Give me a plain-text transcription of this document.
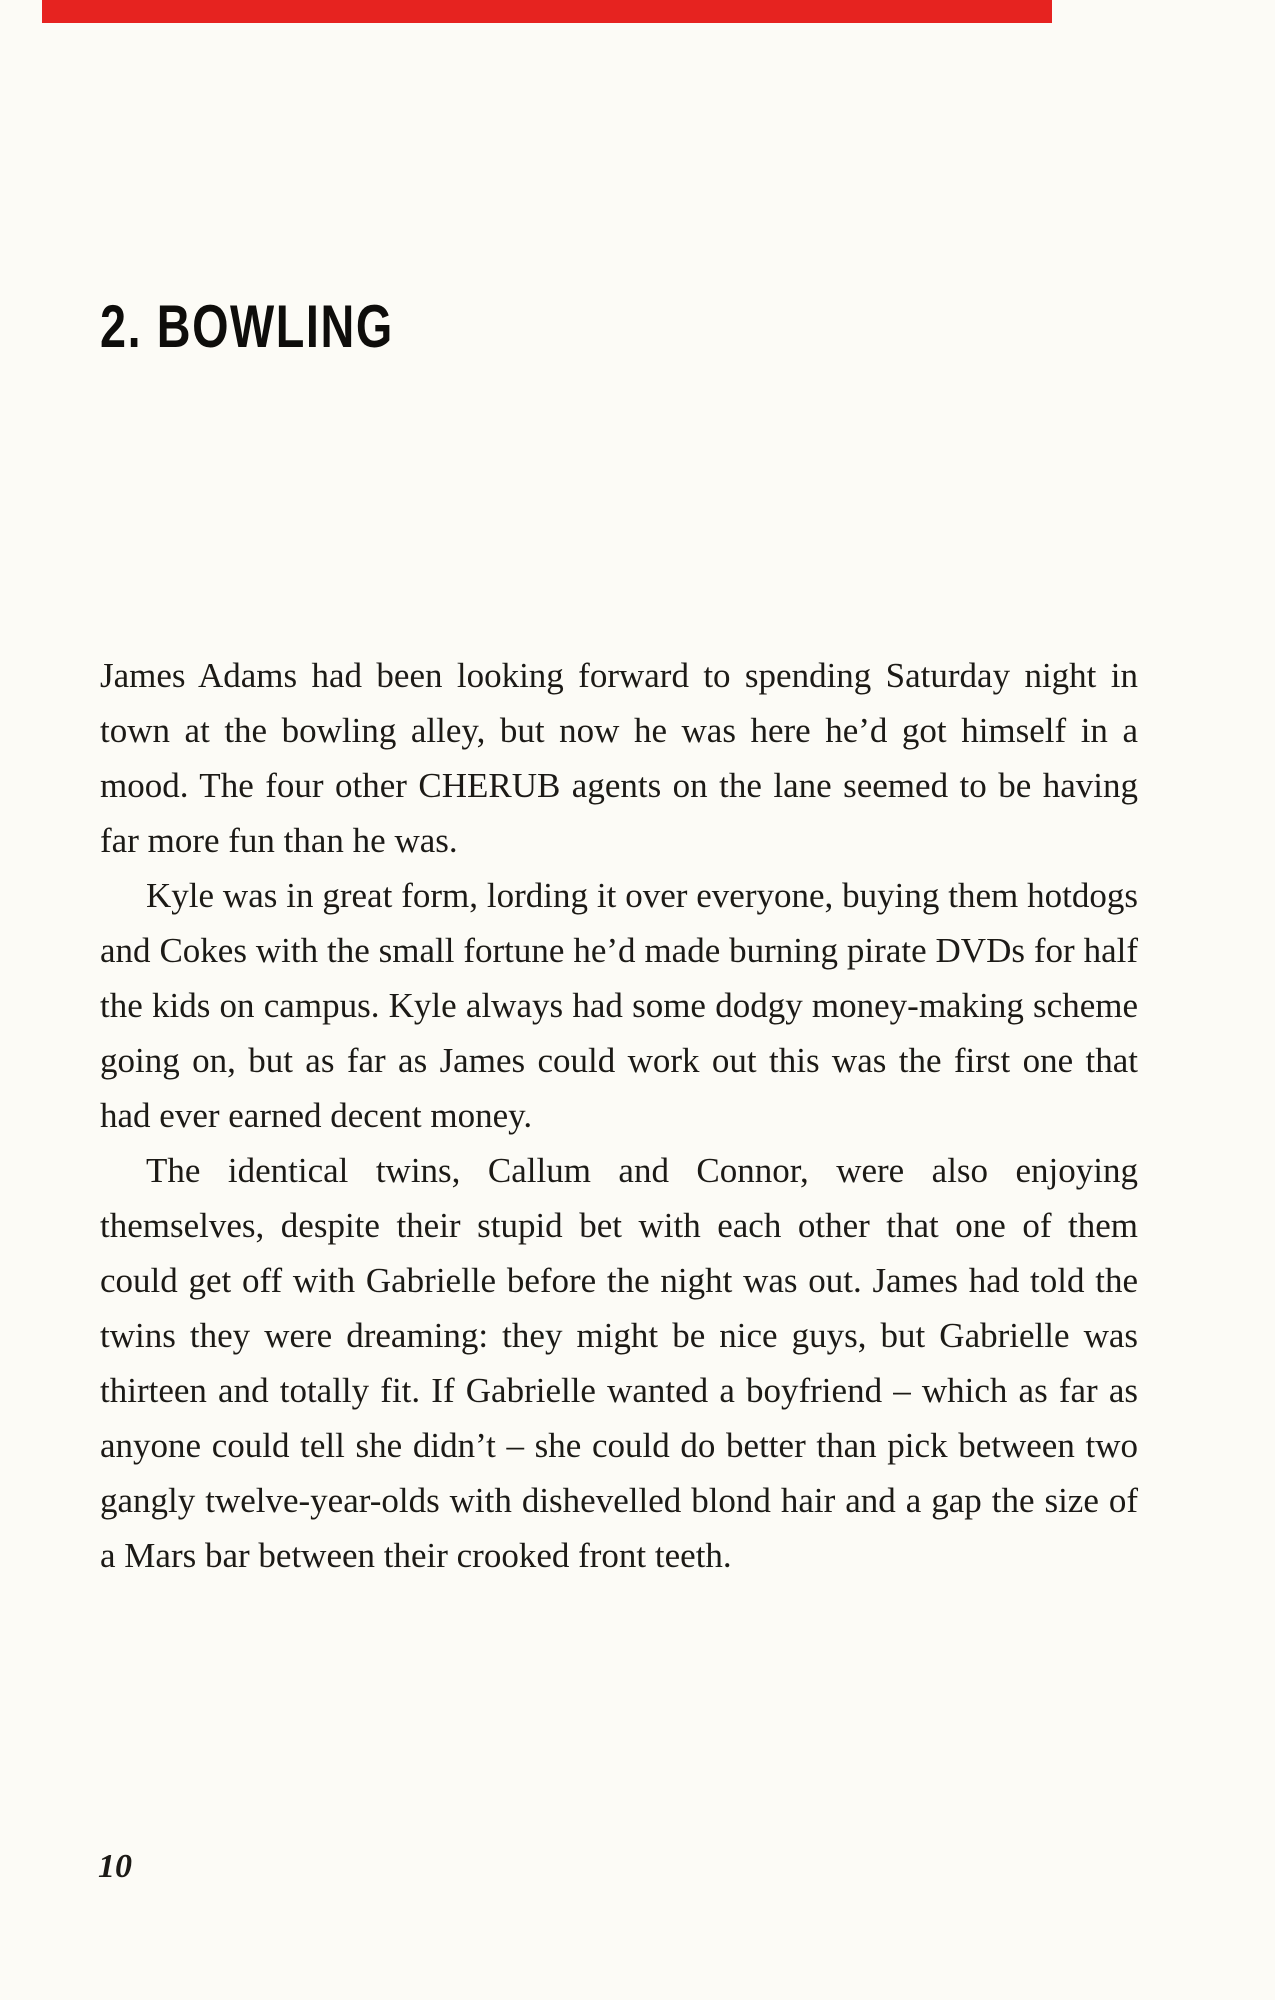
2. BOWLING

James Adams had been looking forward to spending Saturday night in town at the bowling alley, but now he was here he’d got himself in a mood. The four other CHERUB agents on the lane seemed to be having far more fun than he was.

Kyle was in great form, lording it over everyone, buying them hotdogs and Cokes with the small fortune he’d made burning pirate DVDs for half the kids on campus. Kyle always had some dodgy money-making scheme going on, but as far as James could work out this was the first one that had ever earned decent money.

The identical twins, Callum and Connor, were also enjoying themselves, despite their stupid bet with each other that one of them could get off with Gabrielle before the night was out. James had told the twins they were dreaming: they might be nice guys, but Gabrielle was thirteen and totally fit. If Gabrielle wanted a boyfriend – which as far as anyone could tell she didn’t – she could do better than pick between two gangly twelve-year-olds with dishevelled blond hair and a gap the size of a Mars bar between their crooked front teeth.

10
